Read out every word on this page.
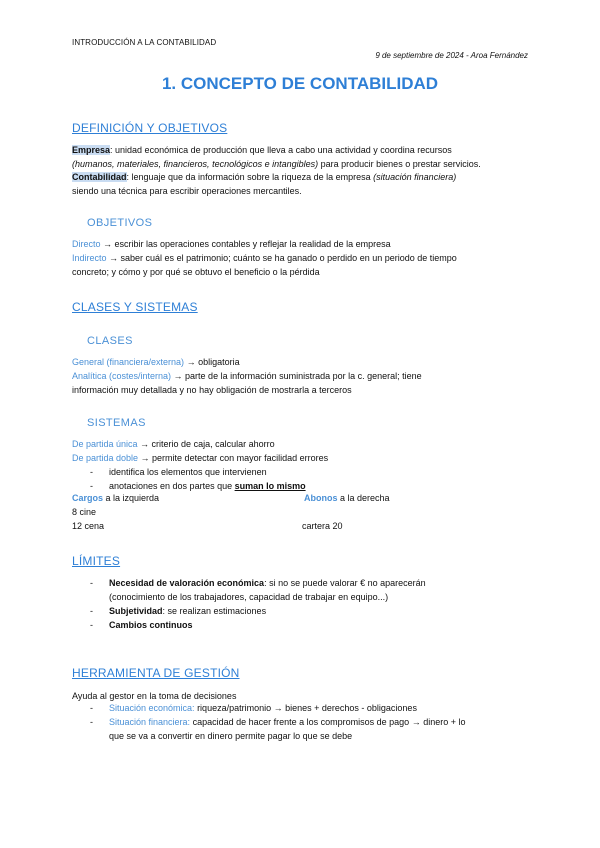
INTRODUCCIÓN A LA CONTABILIDAD
9 de septiembre de 2024 - Aroa Fernández
1. CONCEPTO DE CONTABILIDAD
DEFINICIÓN Y OBJETIVOS
Empresa: unidad económica de producción que lleva a cabo una actividad y coordina recursos
(humanos, materiales, financieros, tecnológicos e intangibles) para producir bienes o prestar servicios.
Contabilidad: lenguaje que da información sobre la riqueza de la empresa (situación financiera)
siendo una técnica para escribir operaciones mercantiles.
OBJETIVOS
Directo → escribir las operaciones contables y reflejar la realidad de la empresa
Indirecto → saber cuál es el patrimonio; cuánto se ha ganado o perdido en un periodo de tiempo
concreto; y cómo y por qué se obtuvo el beneficio o la pérdida
CLASES Y SISTEMAS
CLASES
General (financiera/externa) → obligatoria
Analítica (costes/interna) → parte de la información suministrada por la c. general; tiene
información muy detallada y no hay obligación de mostrarla a terceros
SISTEMAS
De partida única → criterio de caja, calcular ahorro
De partida doble → permite detectar con mayor facilidad errores
- identifica los elementos que intervienen
- anotaciones en dos partes que suman lo mismo
Cargos a la izquierda	Abonos a la derecha
8 cine
12 cena	cartera 20
LÍMITES
- Necesidad de valoración económica: si no se puede valorar € no aparecerán
(conocimiento de los trabajadores, capacidad de trabajar en equipo...)
- Subjetividad: se realizan estimaciones
- Cambios continuos
HERRAMIENTA DE GESTIÓN
Ayuda al gestor en la toma de decisiones
- Situación económica: riqueza/patrimonio → bienes + derechos - obligaciones
- Situación financiera: capacidad de hacer frente a los compromisos de pago → dinero + lo
que se va a convertir en dinero permite pagar lo que se debe
